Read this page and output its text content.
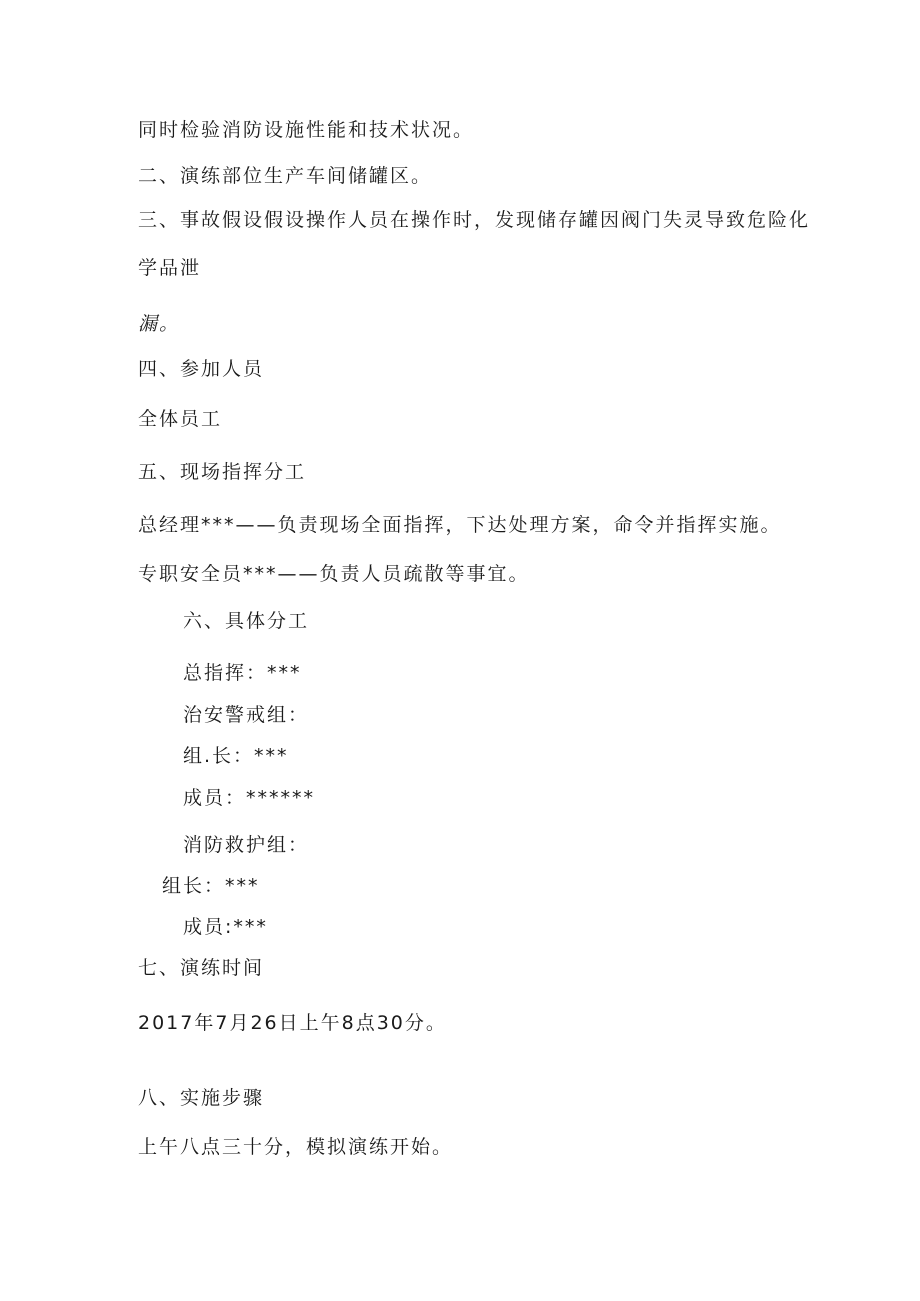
同时检验消防设施性能和技术状况。
二、演练部位生产车间储罐区。
三、事故假设假设操作人员在操作时，发现储存罐因阀门失灵导致危险化
学品泄
漏。
四、参加人员
全体员工
五、现场指挥分工
总经理***——负责现场全面指挥，下达处理方案，命令并指挥实施。
专职安全员***——负责人员疏散等事宜。
六、具体分工
总指挥：***
治安警戒组：
组.长：***
成员：******
消防救护组：
组长：***
成员:***
七、演练时间
2017年7月26日上午8点30分。
八、实施步骤
上午八点三十分，模拟演练开始。
